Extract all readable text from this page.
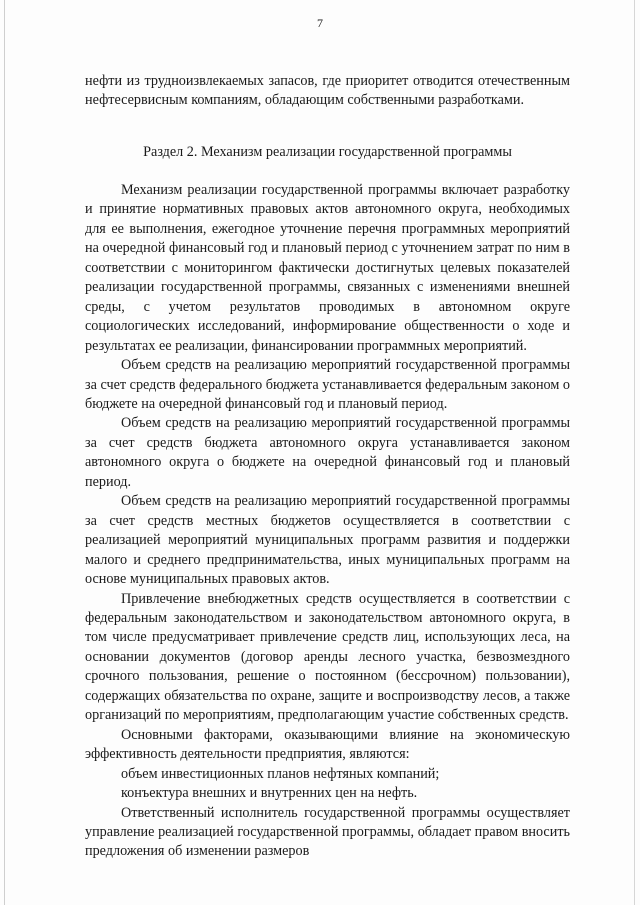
7

нефти из трудноизвлекаемых запасов, где приоритет отводится отечественным нефтесервисным компаниям, обладающим собственными разработками.

Раздел 2. Механизм реализации государственной программы

Механизм реализации государственной программы включает разработку и принятие нормативных правовых актов автономного округа, необходимых для ее выполнения, ежегодное уточнение перечня программных мероприятий на очередной финансовый год и плановый период с уточнением затрат по ним в соответствии с мониторингом фактически достигнутых целевых показателей реализации государственной программы, связанных с изменениями внешней среды, с учетом результатов проводимых в автономном округе социологических исследований, информирование общественности о ходе и результатах ее реализации, финансировании программных мероприятий.

Объем средств на реализацию мероприятий государственной программы за счет средств федерального бюджета устанавливается федеральным законом о бюджете на очередной финансовый год и плановый период.

Объем средств на реализацию мероприятий государственной программы за счет средств бюджета автономного округа устанавливается законом автономного округа о бюджете на очередной финансовый год и плановый период.

Объем средств на реализацию мероприятий государственной программы за счет средств местных бюджетов осуществляется в соответствии с реализацией мероприятий муниципальных программ развития и поддержки малого и среднего предпринимательства, иных муниципальных программ на основе муниципальных правовых актов.

Привлечение внебюджетных средств осуществляется в соответствии с федеральным законодательством и законодательством автономного округа, в том числе предусматривает привлечение средств лиц, использующих леса, на основании документов (договор аренды лесного участка, безвозмездного срочного пользования, решение о постоянном (бессрочном) пользовании), содержащих обязательства по охране, защите и воспроизводству лесов, а также организаций по мероприятиям, предполагающим участие собственных средств.

Основными факторами, оказывающими влияние на экономическую эффективность деятельности предприятия, являются:

объем инвестиционных планов нефтяных компаний;

конъектура внешних и внутренних цен на нефть.

Ответственный исполнитель государственной программы осуществляет управление реализацией государственной программы, обладает правом вносить предложения об изменении размеров
